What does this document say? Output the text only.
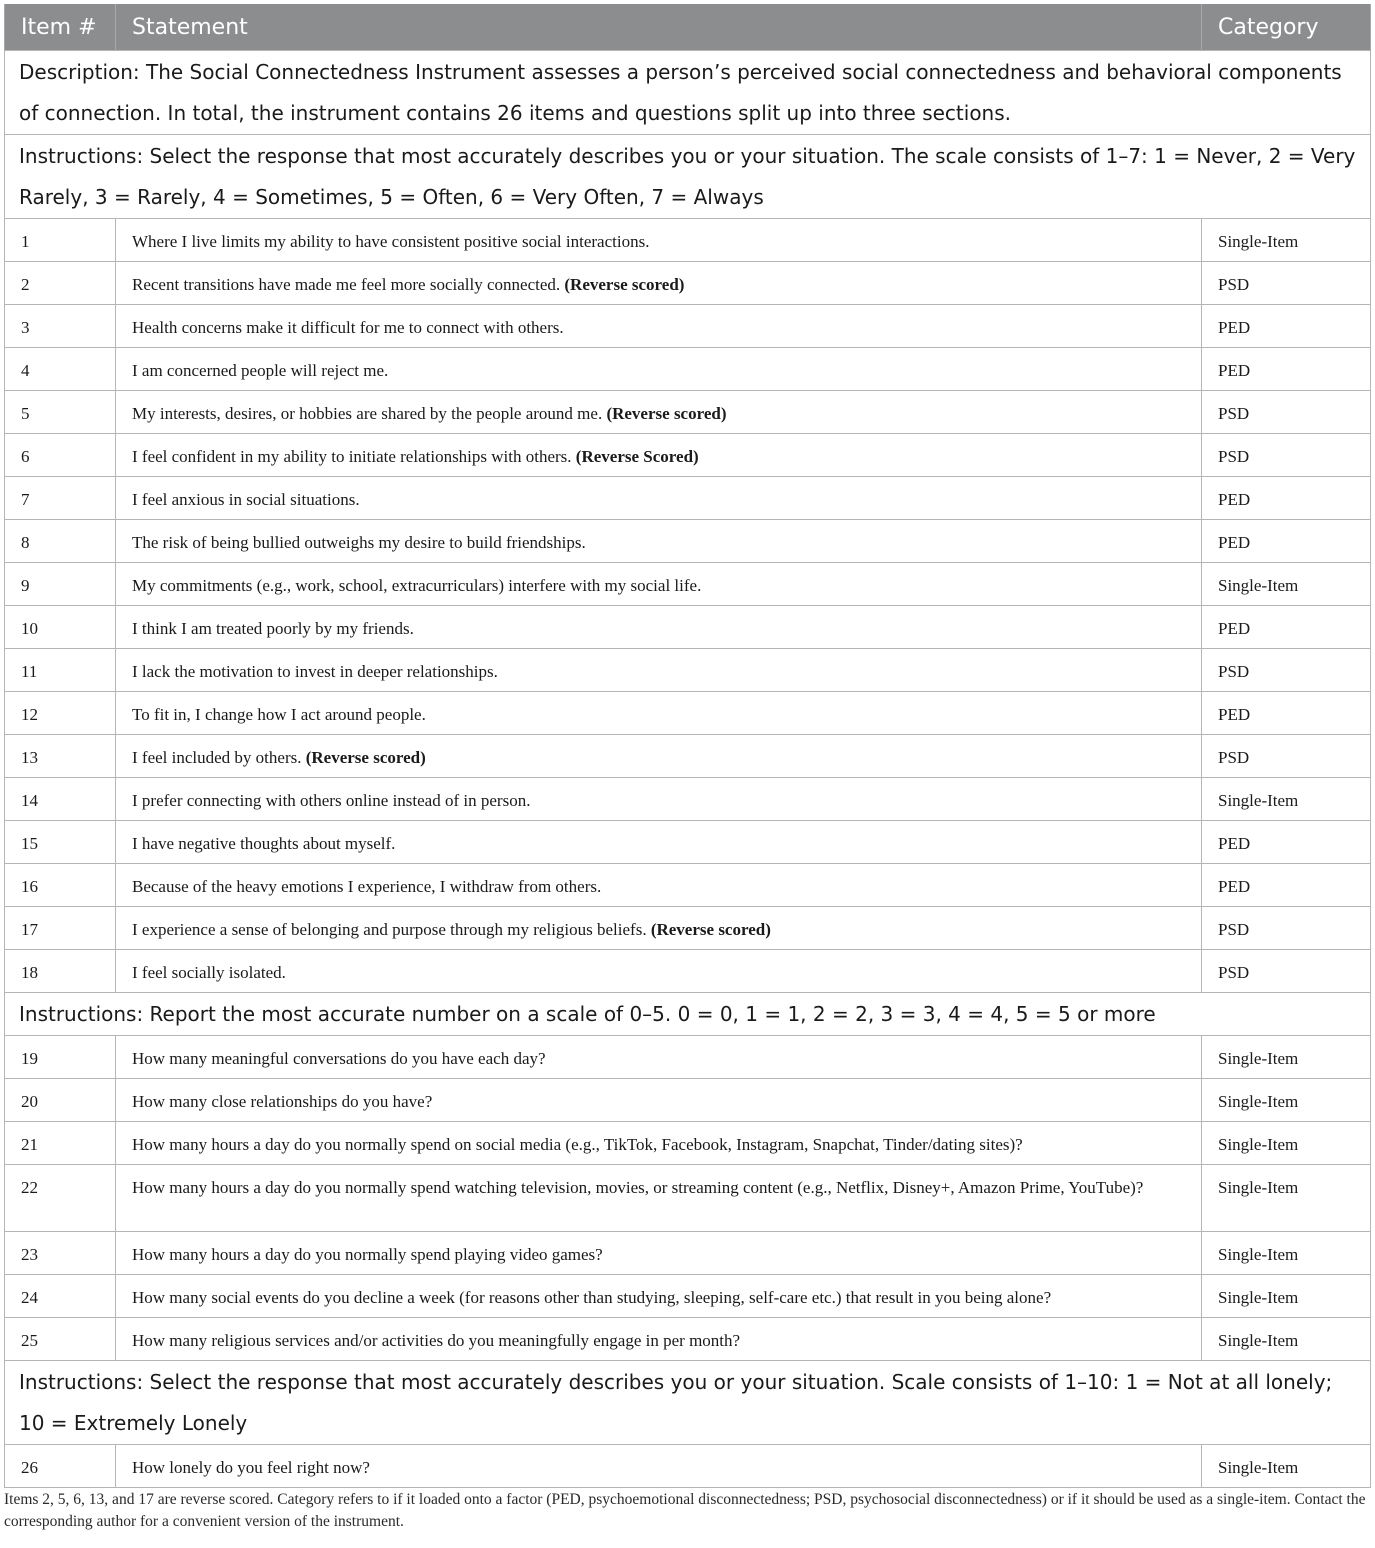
Item #	Statement	Category
Description: The Social Connectedness Instrument assesses a person’s perceived social connectedness and behavioral components of connection. In total, the instrument contains 26 items and questions split up into three sections.		
Instructions: Select the response that most accurately describes you or your situation. The scale consists of 1–7: 1 = Never, 2 = Very Rarely, 3 = Rarely, 4 = Sometimes, 5 = Often, 6 = Very Often, 7 = Always		
1	Where I live limits my ability to have consistent positive social interactions.	Single-Item
2	Recent transitions have made me feel more socially connected. (Reverse scored)	PSD
3	Health concerns make it difficult for me to connect with others.	PED
4	I am concerned people will reject me.	PED
5	My interests, desires, or hobbies are shared by the people around me. (Reverse scored)	PSD
6	I feel confident in my ability to initiate relationships with others. (Reverse Scored)	PSD
7	I feel anxious in social situations.	PED
8	The risk of being bullied outweighs my desire to build friendships.	PED
9	My commitments (e.g., work, school, extracurriculars) interfere with my social life.	Single-Item
10	I think I am treated poorly by my friends.	PED
11	I lack the motivation to invest in deeper relationships.	PSD
12	To fit in, I change how I act around people.	PED
13	I feel included by others. (Reverse scored)	PSD
14	I prefer connecting with others online instead of in person.	Single-Item
15	I have negative thoughts about myself.	PED
16	Because of the heavy emotions I experience, I withdraw from others.	PED
17	I experience a sense of belonging and purpose through my religious beliefs. (Reverse scored)	PSD
18	I feel socially isolated.	PSD
Instructions: Report the most accurate number on a scale of 0–5. 0 = 0, 1 = 1, 2 = 2, 3 = 3, 4 = 4, 5 = 5 or more		
19	How many meaningful conversations do you have each day?	Single-Item
20	How many close relationships do you have?	Single-Item
21	How many hours a day do you normally spend on social media (e.g., TikTok, Facebook, Instagram, Snapchat, Tinder/dating sites)?	Single-Item
22	How many hours a day do you normally spend watching television, movies, or streaming content (e.g., Netflix, Disney+, Amazon Prime, YouTube)?	Single-Item
23	How many hours a day do you normally spend playing video games?	Single-Item
24	How many social events do you decline a week (for reasons other than studying, sleeping, self-care etc.) that result in you being alone?	Single-Item
25	How many religious services and/or activities do you meaningfully engage in per month?	Single-Item
Instructions: Select the response that most accurately describes you or your situation. Scale consists of 1–10: 1 = Not at all lonely; 10 = Extremely Lonely		
26	How lonely do you feel right now?	Single-Item
Items 2, 5, 6, 13, and 17 are reverse scored. Category refers to if it loaded onto a factor (PED, psychoemotional disconnectedness; PSD, psychosocial disconnectedness) or if it should be used as a single-item. Contact the corresponding author for a convenient version of the instrument.
